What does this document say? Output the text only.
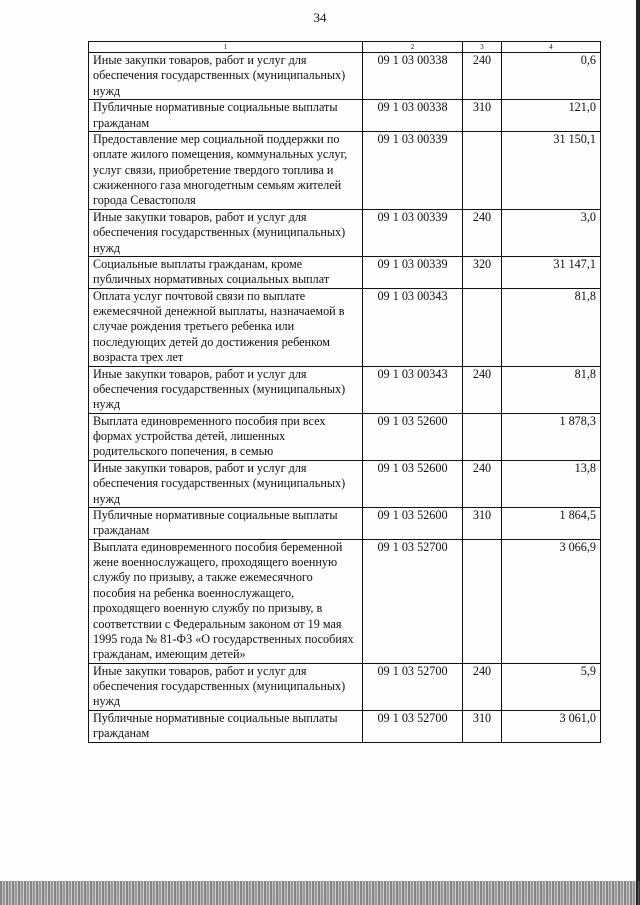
34
1	2	3	4
Иные закупки товаров, работ и услуг для обеспечения государственных (муниципальных) нужд	09 1 03 00338	240	0,6
Публичные нормативные социальные выплаты гражданам	09 1 03 00338	310	121,0
Предоставление мер социальной поддержки по оплате жилого помещения, коммунальных услуг, услуг связи, приобретение твердого топлива и сжиженного газа многодетным семьям жителей города Севастополя	09 1 03 00339		31 150,1
Иные закупки товаров, работ и услуг для обеспечения государственных (муниципальных) нужд	09 1 03 00339	240	3,0
Социальные выплаты гражданам, кроме публичных нормативных социальных выплат	09 1 03 00339	320	31 147,1
Оплата услуг почтовой связи по выплате ежемесячной денежной выплаты, назначаемой в случае рождения третьего ребенка или последующих детей до достижения ребенком возраста трех лет	09 1 03 00343		81,8
Иные закупки товаров, работ и услуг для обеспечения государственных (муниципальных) нужд	09 1 03 00343	240	81,8
Выплата единовременного пособия при всех формах устройства детей, лишенных родительского попечения, в семью	09 1 03 52600		1 878,3
Иные закупки товаров, работ и услуг для обеспечения государственных (муниципальных) нужд	09 1 03 52600	240	13,8
Публичные нормативные социальные выплаты гражданам	09 1 03 52600	310	1 864,5
Выплата единовременного пособия беременной жене военнослужащего, проходящего военную службу по призыву, а также ежемесячного пособия на ребенка военнослужащего, проходящего военную службу по призыву, в соответствии с Федеральным законом от 19 мая 1995 года № 81-ФЗ «О государственных пособиях гражданам, имеющим детей»	09 1 03 52700		3 066,9
Иные закупки товаров, работ и услуг для обеспечения государственных (муниципальных) нужд	09 1 03 52700	240	5,9
Публичные нормативные социальные выплаты гражданам	09 1 03 52700	310	3 061,0
